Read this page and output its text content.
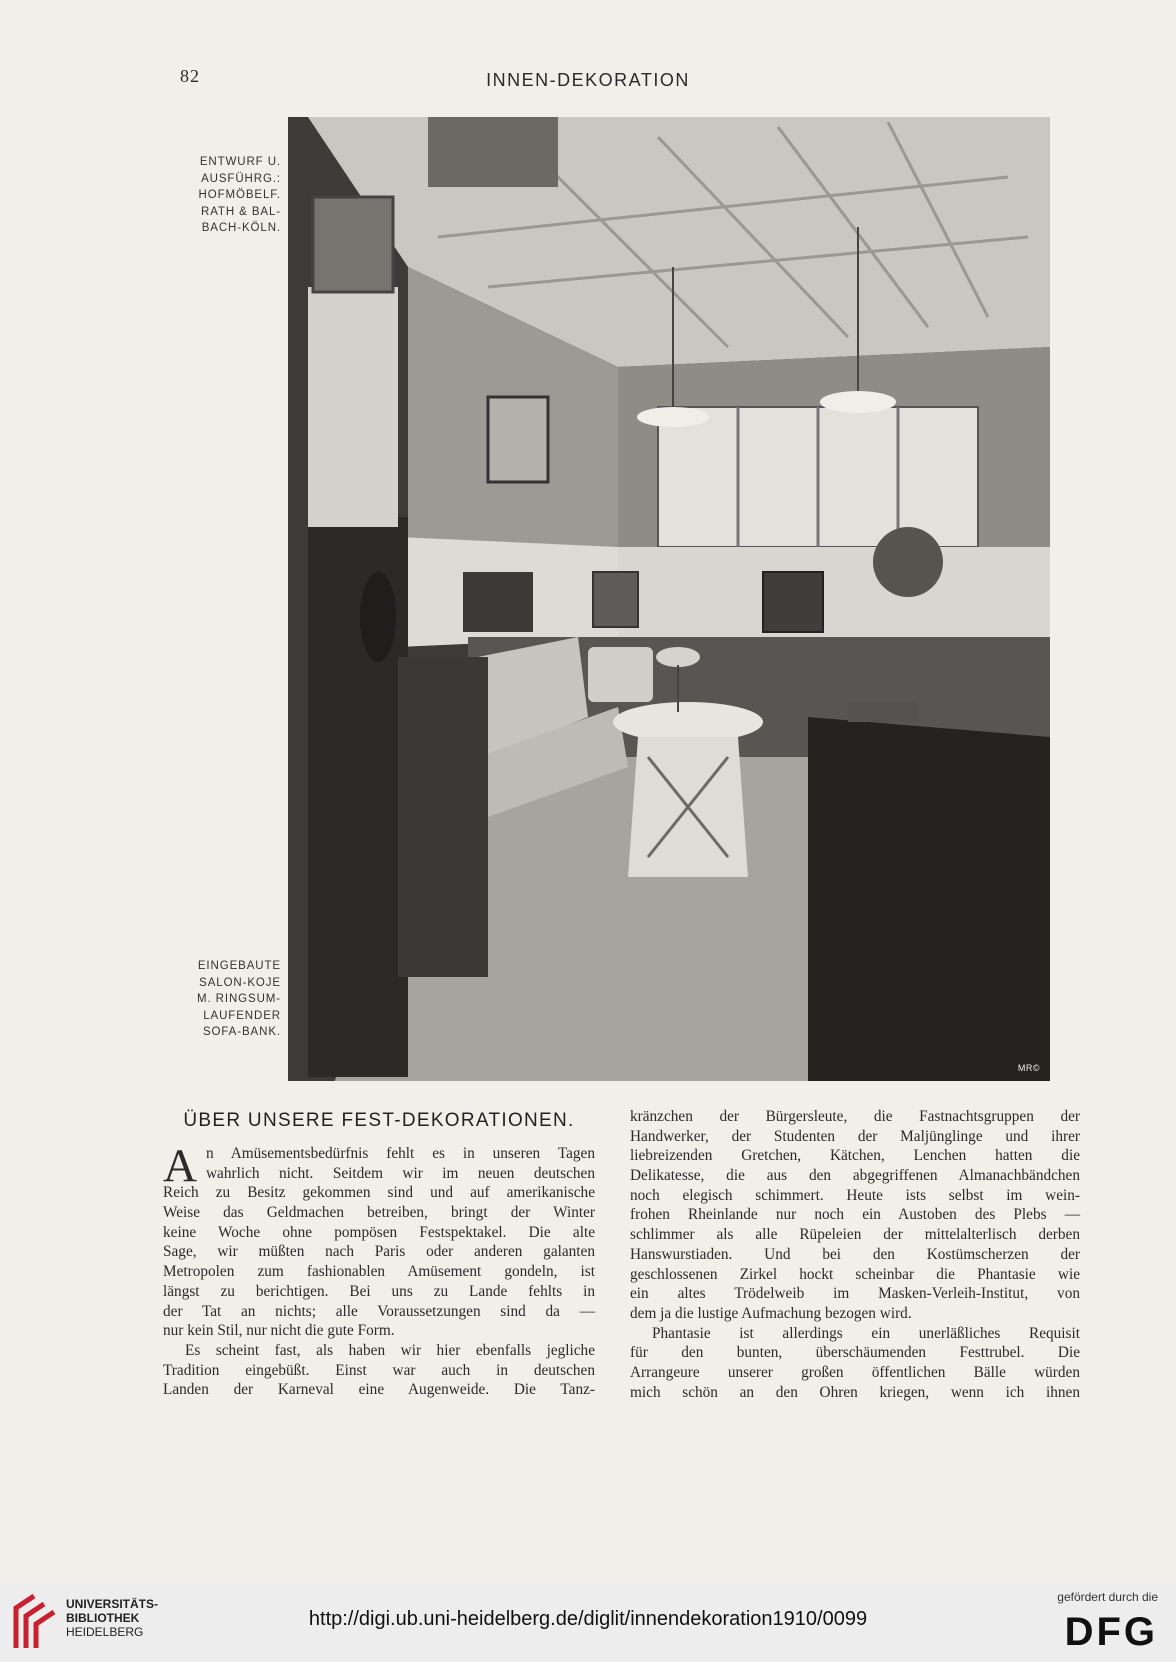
82	INNEN-DEKORATION
ENTWURF U.
AUSFÜHRG.:
HOFMÖBELF.
RATH & BAL-
BACH-KÖLN.
EINGEBAUTE
SALON-KOJE
M. RINGSUM-
LAUFENDER
SOFA-BANK.
MR©
ÜBER UNSERE FEST-DEKORATIONEN.
A n Amüsementsbedürfnis fehlt es in unseren Tagen
wahrlich nicht. Seitdem wir im neuen deutschen
Reich zu Besitz gekommen sind und auf amerikanische
Weise das Geldmachen betreiben, bringt der Winter
keine Woche ohne pompösen Festspektakel. Die alte
Sage, wir müßten nach Paris oder anderen galanten
Metropolen zum fashionablen Amüsement gondeln, ist
längst zu berichtigen. Bei uns zu Lande fehlts in
der Tat an nichts; alle Voraussetzungen sind da —
nur kein Stil, nur nicht die gute Form.
Es scheint fast, als haben wir hier ebenfalls jegliche
Tradition eingebüßt. Einst war auch in deutschen
Landen der Karneval eine Augenweide. Die Tanz-
kränzchen der Bürgersleute, die Fastnachtsgruppen der
Handwerker, der Studenten der Maljünglinge und ihrer
liebreizenden Gretchen, Kätchen, Lenchen hatten die
Delikatesse, die aus den abgegriffenen Almanachbändchen
noch elegisch schimmert. Heute ists selbst im wein-
frohen Rheinlande nur noch ein Austoben des Plebs —
schlimmer als alle Rüpeleien der mittelalterlisch derben
Hanswurstiaden. Und bei den Kostümscherzen der
geschlossenen Zirkel hockt scheinbar die Phantasie wie
ein altes Trödelweib im Masken-Verleih-Institut, von
dem ja die lustige Aufmachung bezogen wird.
Phantasie ist allerdings ein unerläßliches Requisit
für den bunten, überschäumenden Festtrubel. Die
Arrangeure unserer großen öffentlichen Bälle würden
mich schön an den Ohren kriegen, wenn ich ihnen
UNIVERSITÄTS-
BIBLIOTHEK
HEIDELBERG
http://digi.ub.uni-heidelberg.de/diglit/innendekoration1910/0099
gefördert durch die
DFG
